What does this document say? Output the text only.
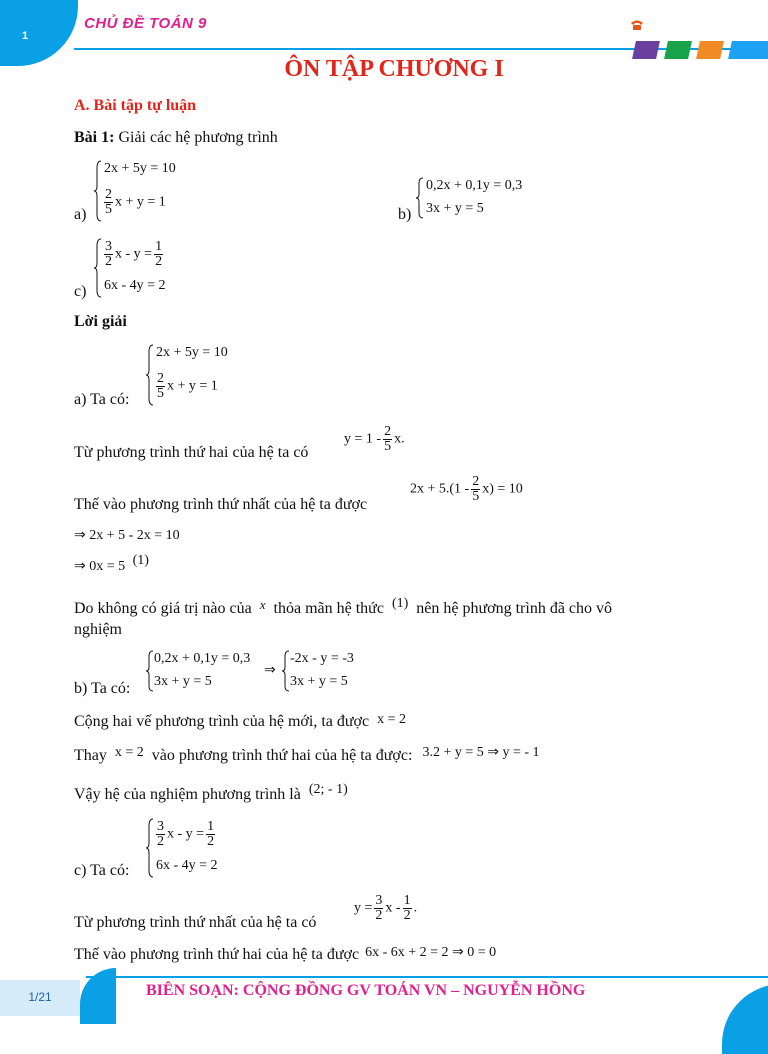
1
CHỦ ĐỀ TOÁN 9
ÔN TẬP CHƯƠNG I
A. Bài tập tự luận
Bài 1: Giải các hệ phương trình
a)
2x + 5y = 10
$\frac{2}{5}$ x + y = 1
b)
0,2x + 0,1y = 0,3
3x + y = 5
c)
$\frac{3}{2}$ $x - y = \frac{1}{2}$
6x - 4y = 2
Lời giải
2x + 5y = 10
$\frac{2}{5}$ x + y = 1
a) Ta có:
Từ phương trình thứ hai của hệ ta có
$y = 1 - \frac{2}{5} x$.
Thế vào phương trình thứ nhất của hệ ta được
$2x + 5.(1 - \frac{2}{5} x) = 10$
⇒ 2x + 5 - 2x = 10
⇒ 0x = 5 (1)
Do không có giá trị nào của $^x$ thỏa mãn hệ thức (1) nên hệ phương trình đã cho vô
nghiệm
0,2x + 0,1y = 0,3
3x + y = 5
⇒
-2x - y = -3
3x + y = 5
b) Ta có:
Cộng hai vế phương trình của hệ mới, ta được x = 2
Thay x = 2 vào phương trình thứ hai của hệ ta được: 3.2 + y = 5 ⇒ y = - 1
Vậy hệ của nghiệm phương trình là (2; - 1)
$\frac{3}{2}$ $x - y = \frac{1}{2}$
6x - 4y = 2
c) Ta có:
Từ phương trình thứ nhất của hệ ta có
$y = \frac{3}{2}$ x - $\frac{1}{2}$ .
Thế vào phương trình thứ hai của hệ ta được 6x - 6x + 2 = 2 ⇒ 0 = 0
1/21	BIÊN SOẠN: CỘNG ĐỒNG GV TOÁN VN – NGUYỄN HỒNG
